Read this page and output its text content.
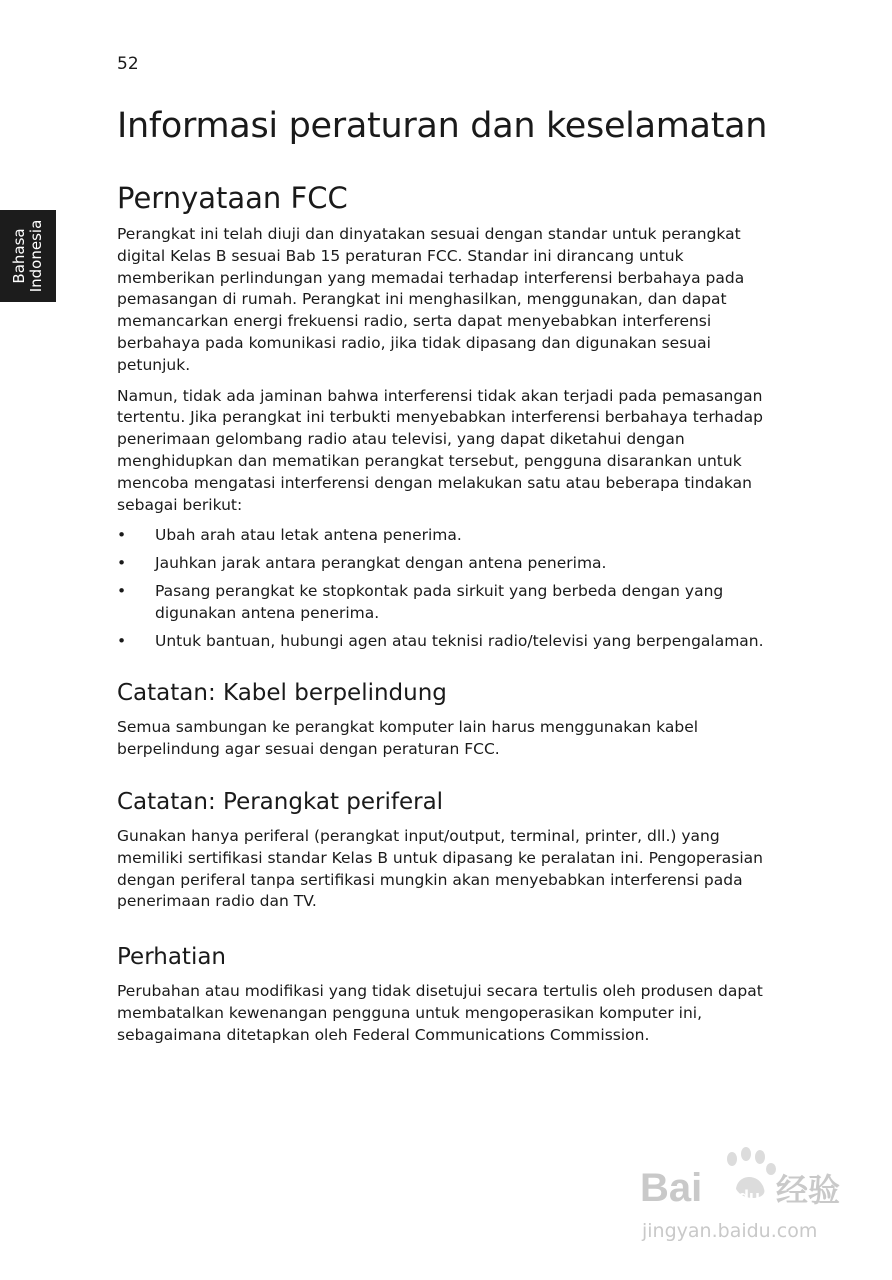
52
Bahasa Indonesia
Informasi peraturan dan keselamatan
Pernyataan FCC

Perangkat ini telah diuji dan dinyatakan sesuai dengan standar untuk perangkat digital Kelas B sesuai Bab 15 peraturan FCC. Standar ini dirancang untuk memberikan perlindungan yang memadai terhadap interferensi berbahaya pada pemasangan di rumah. Perangkat ini menghasilkan, menggunakan, dan dapat memancarkan energi frekuensi radio, serta dapat menyebabkan interferensi berbahaya pada komunikasi radio, jika tidak dipasang dan digunakan sesuai petunjuk.

Namun, tidak ada jaminan bahwa interferensi tidak akan terjadi pada pemasangan tertentu. Jika perangkat ini terbukti menyebabkan interferensi berbahaya terhadap penerimaan gelombang radio atau televisi, yang dapat diketahui dengan menghidupkan dan mematikan perangkat tersebut, pengguna disarankan untuk mencoba mengatasi interferensi dengan melakukan satu atau beberapa tindakan sebagai berikut:

• Ubah arah atau letak antena penerima.
• Jauhkan jarak antara perangkat dengan antena penerima.
• Pasang perangkat ke stopkontak pada sirkuit yang berbeda dengan yang digunakan antena penerima.
• Untuk bantuan, hubungi agen atau teknisi radio/televisi yang berpengalaman.
Catatan: Kabel berpelindung

Semua sambungan ke perangkat komputer lain harus menggunakan kabel berpelindung agar sesuai dengan peraturan FCC.

Catatan: Perangkat periferal

Gunakan hanya periferal (perangkat input/output, terminal, printer, dll.) yang memiliki sertifikasi standar Kelas B untuk dipasang ke peralatan ini. Pengoperasian dengan periferal tanpa sertifikasi mungkin akan menyebabkan interferensi pada penerimaan radio dan TV.

Perhatian

Perubahan atau modifikasi yang tidak disetujui secara tertulis oleh produsen dapat membatalkan kewenangan pengguna untuk mengoperasikan komputer ini, sebagaimana ditetapkan oleh Federal Communications Commission.

Bai du 经验
jingyan.baidu.com
